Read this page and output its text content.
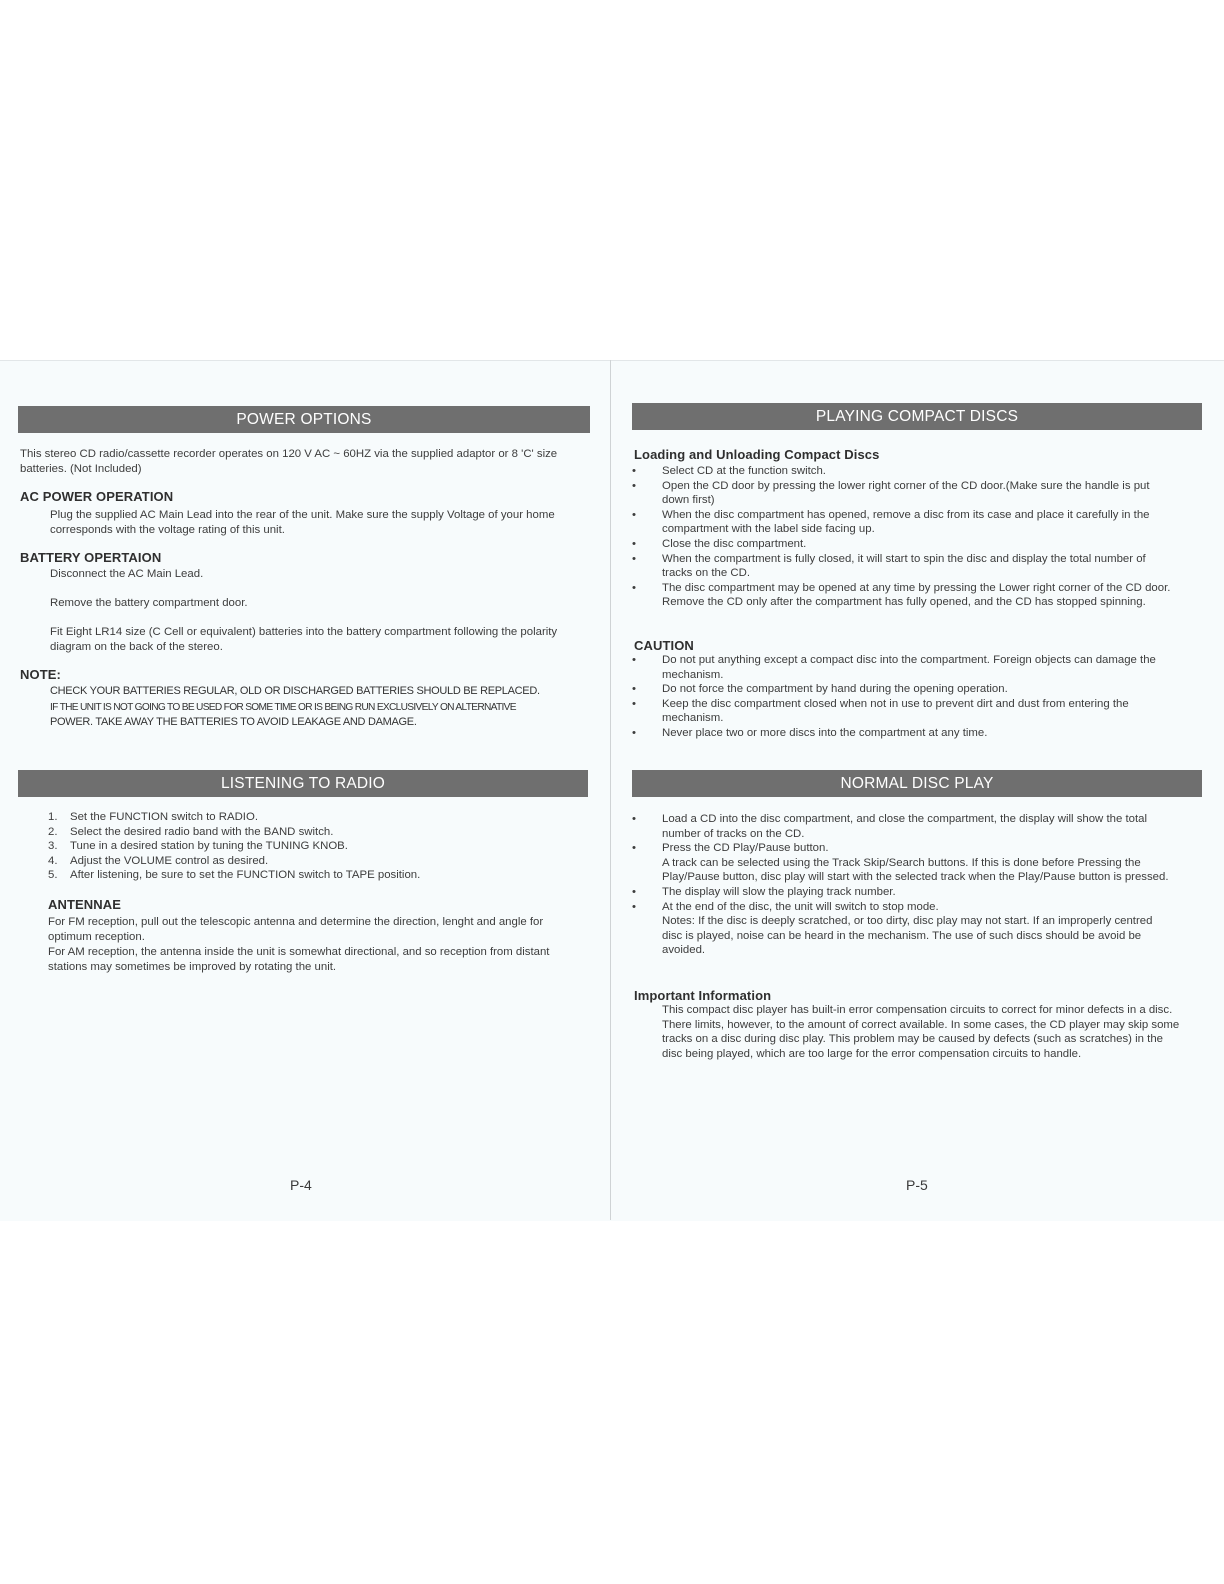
POWER OPTIONS
This stereo CD radio/cassette recorder operates on 120 V AC ~ 60HZ via the supplied adaptor or 8 'C' size batteries. (Not Included)
AC POWER OPERATION
Plug the supplied AC Main Lead into the rear of the unit. Make sure the supply Voltage of your home corresponds with the voltage rating of this unit.
BATTERY OPERTAION
Disconnect the AC Main Lead.
Remove the battery compartment door.
Fit Eight LR14 size (C Cell or equivalent) batteries into the battery compartment following the polarity diagram on the back of the stereo.
NOTE:
CHECK YOUR BATTERIES REGULAR, OLD OR DISCHARGED BATTERIES SHOULD BE REPLACED.
IF THE UNIT IS NOT GOING TO BE USED FOR SOME TIME OR IS BEING RUN EXCLUSIVELY ON ALTERNATIVE
POWER. TAKE AWAY THE BATTERIES TO AVOID LEAKAGE AND DAMAGE.
LISTENING TO RADIO
1. Set the FUNCTION switch to RADIO.
2. Select the desired radio band with the BAND switch.
3. Tune in a desired station by tuning the TUNING KNOB.
4. Adjust the VOLUME control as desired.
5. After listening, be sure to set the FUNCTION switch to TAPE position.
ANTENNAE
For FM reception, pull out the telescopic antenna and determine the direction, lenght and angle for optimum reception.
For AM reception, the antenna inside the unit is somewhat directional, and so reception from distant stations may sometimes be improved by rotating the unit.
P-4
PLAYING COMPACT DISCS
Loading and Unloading Compact Discs
• Select CD at the function switch.
• Open the CD door by pressing the lower right corner of the CD door.(Make sure the handle is put down first)
• When the disc compartment has opened, remove a disc from its case and place it carefully in the compartment with the label side facing up.
• Close the disc compartment.
• When the compartment is fully closed, it will start to spin the disc and display the total number of tracks on the CD.
• The disc compartment may be opened at any time by pressing the Lower right corner of the CD door. Remove the CD only after the compartment has fully opened, and the CD has stopped spinning.
CAUTION
• Do not put anything except a compact disc into the compartment. Foreign objects can damage the mechanism.
• Do not force the compartment by hand during the opening operation.
• Keep the disc compartment closed when not in use to prevent dirt and dust from entering the mechanism.
• Never place two or more discs into the compartment at any time.
NORMAL DISC PLAY
• Load a CD into the disc compartment, and close the compartment, the display will show the total number of tracks on the CD.
• Press the CD Play/Pause button.
A track can be selected using the Track Skip/Search buttons. If this is done before Pressing the Play/Pause button, disc play will start with the selected track when the Play/Pause button is pressed.
• The display will slow the playing track number.
• At the end of the disc, the unit will switch to stop mode.
Notes: If the disc is deeply scratched, or too dirty, disc play may not start. If an improperly centred disc is played, noise can be heard in the mechanism. The use of such discs should be avoid be avoided.
Important Information
This compact disc player has built-in error compensation circuits to correct for minor defects in a disc. There limits, however, to the amount of correct available. In some cases, the CD player may skip some tracks on a disc during disc play. This problem may be caused by defects (such as scratches) in the disc being played, which are too large for the error compensation circuits to handle.
P-5
